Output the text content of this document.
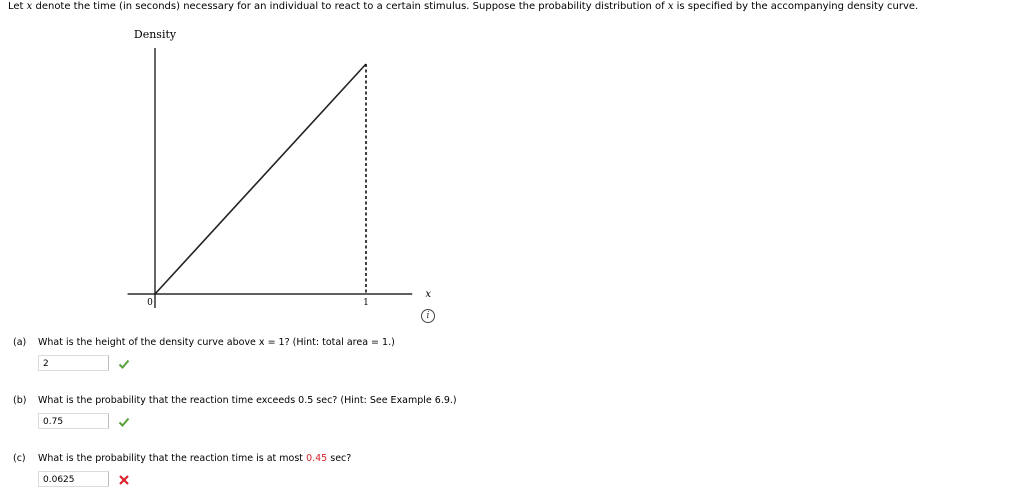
Let x denote the time (in seconds) necessary for an individual to react to a certain stimulus. Suppose the probability distribution of x is specified by the accompanying density curve.
Density
0	1
x
i
(a) What is the height of the density curve above x = 1? (Hint: total area = 1.)
2
(b) What is the probability that the reaction time exceeds 0.5 sec? (Hint: See Example 6.9.)
0.75
(c) What is the probability that the reaction time is at most 0.45 sec?
0.0625
